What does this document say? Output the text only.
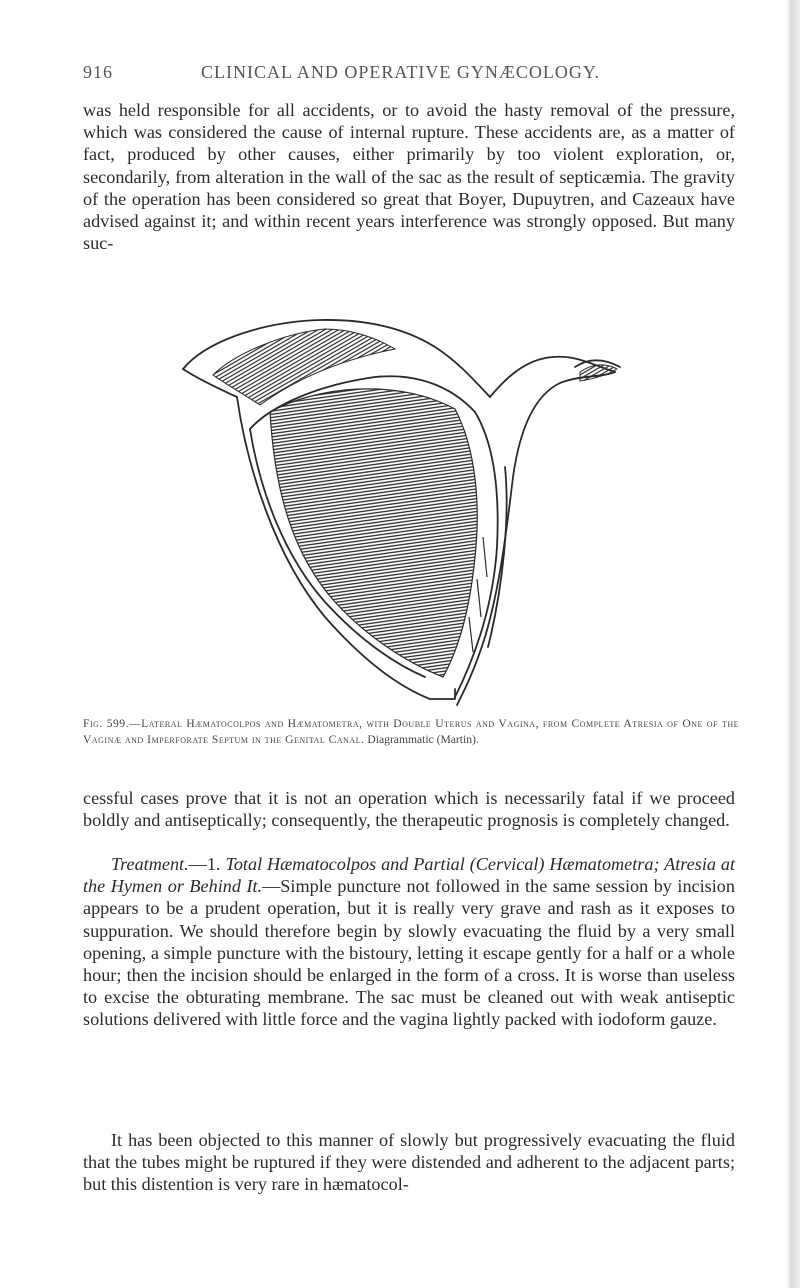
916	CLINICAL AND OPERATIVE GYNÆCOLOGY.

was held responsible for all accidents, or to avoid the hasty removal of the pressure, which was considered the cause of internal rupture. These accidents are, as a matter of fact, produced by other causes, either primarily by too violent exploration, or, secondarily, from alteration in the wall of the sac as the result of septicæmia. The gravity of the operation has been considered so great that Boyer, Dupuytren, and Cazeaux have advised against it; and within recent years interference was strongly opposed. But many suc-

Fig. 599.—Lateral Hæmatocolpos and Hæmatometra, with Double Uterus and Vagina, from Complete Atresia of One of the Vaginæ and Imperforate Septum in the Genital Canal. Diagrammatic (Martin).

cessful cases prove that it is not an operation which is necessarily fatal if we proceed boldly and antiseptically; consequently, the therapeutic prognosis is completely changed.

Treatment.—1. Total Hæmatocolpos and Partial (Cervical) Hæmatometra; Atresia at the Hymen or Behind It.—Simple puncture not followed in the same session by incision appears to be a prudent operation, but it is really very grave and rash as it exposes to suppuration. We should therefore begin by slowly evacuating the fluid by a very small opening, a simple puncture with the bistoury, letting it escape gently for a half or a whole hour; then the incision should be enlarged in the form of a cross. It is worse than useless to excise the obturating membrane. The sac must be cleaned out with weak antiseptic solutions delivered with little force and the vagina lightly packed with iodoform gauze.

It has been objected to this manner of slowly but progressively evacuating the fluid that the tubes might be ruptured if they were distended and adherent to the adjacent parts; but this distention is very rare in hæmatocol-
